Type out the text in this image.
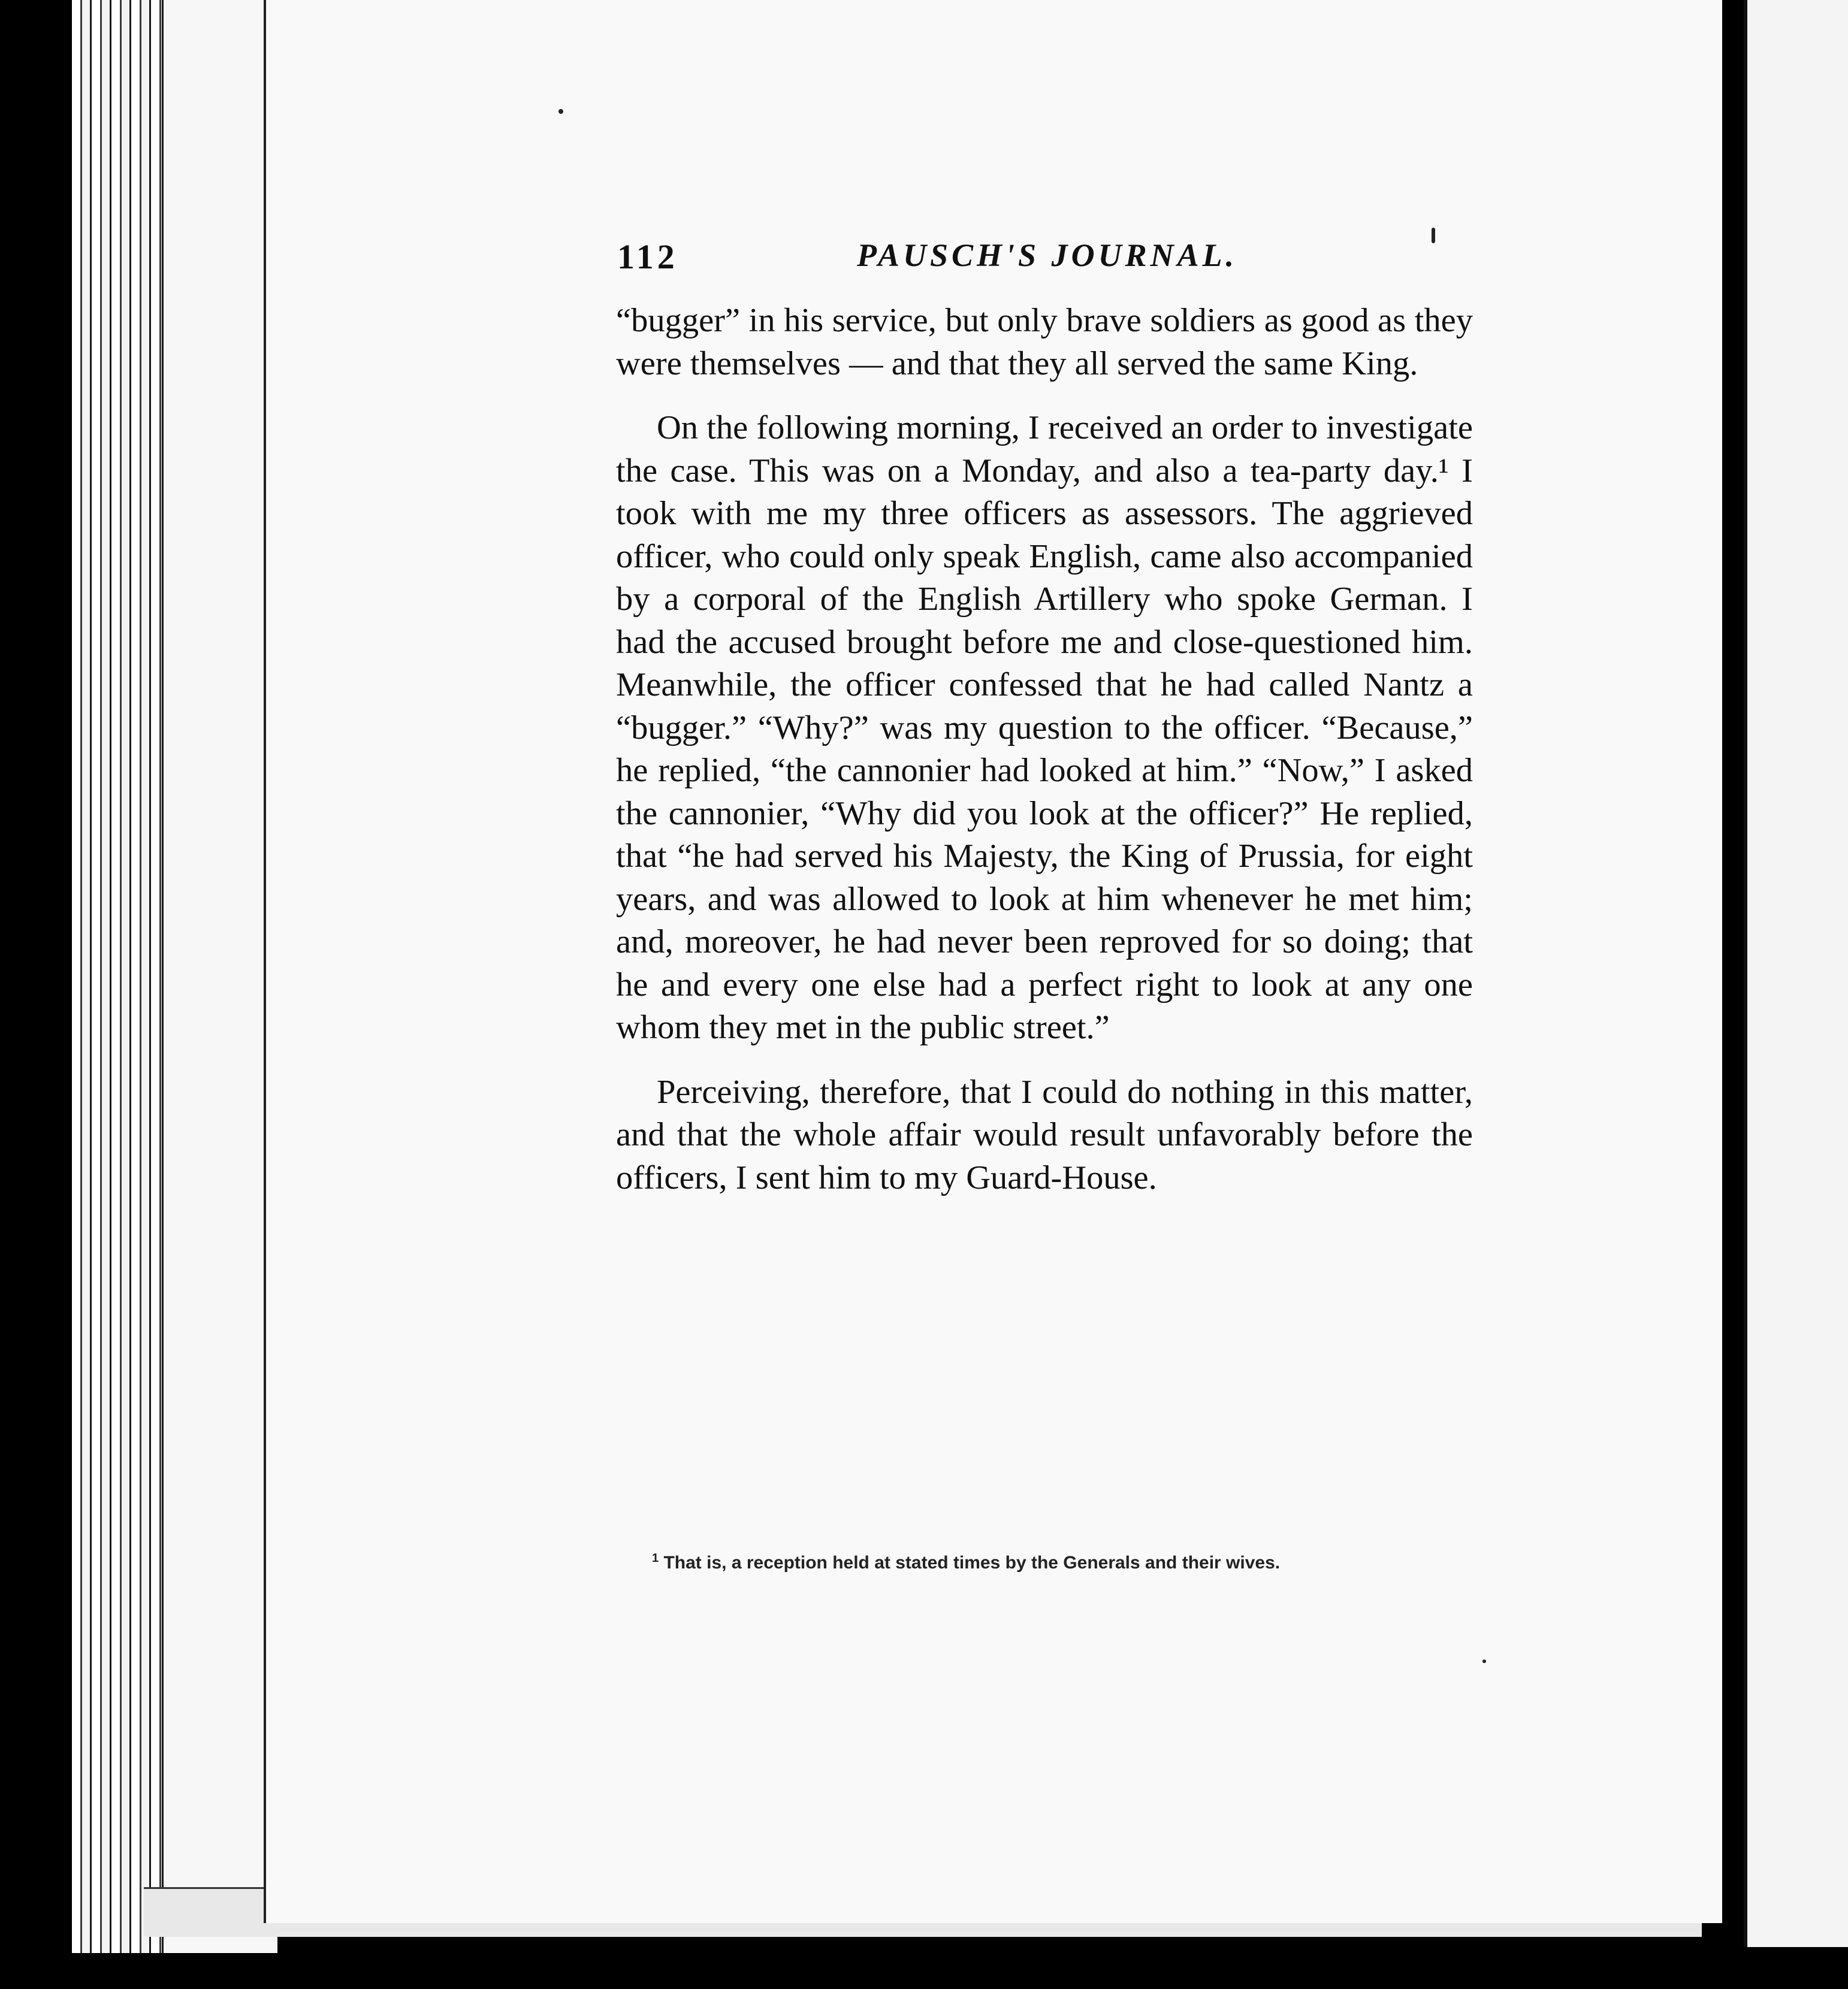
112	PAUSCH'S JOURNAL.

“bugger” in his service, but only brave soldiers as good as they were themselves — and that they all served the same King.

On the following morning, I received an order to investigate the case. This was on a Monday, and also a tea-party day.¹ I took with me my three officers as assessors. The aggrieved officer, who could only speak English, came also accompanied by a corporal of the English Artillery who spoke German. I had the accused brought before me and close-questioned him. Meanwhile, the officer confessed that he had called Nantz a “bugger.” “Why?” was my question to the officer. “Because,” he replied, “the cannonier had looked at him.” “Now,” I asked the cannonier, “Why did you look at the officer?” He replied, that “he had served his Majesty, the King of Prussia, for eight years, and was allowed to look at him whenever he met him; and, moreover, he had never been reproved for so doing; that he and every one else had a perfect right to look at any one whom they met in the public street.”

Perceiving, therefore, that I could do nothing in this matter, and that the whole affair would result unfavorably before the officers, I sent him to my Guard-House.

$^1$ That is, a reception held at stated times by the Generals and their wives.
